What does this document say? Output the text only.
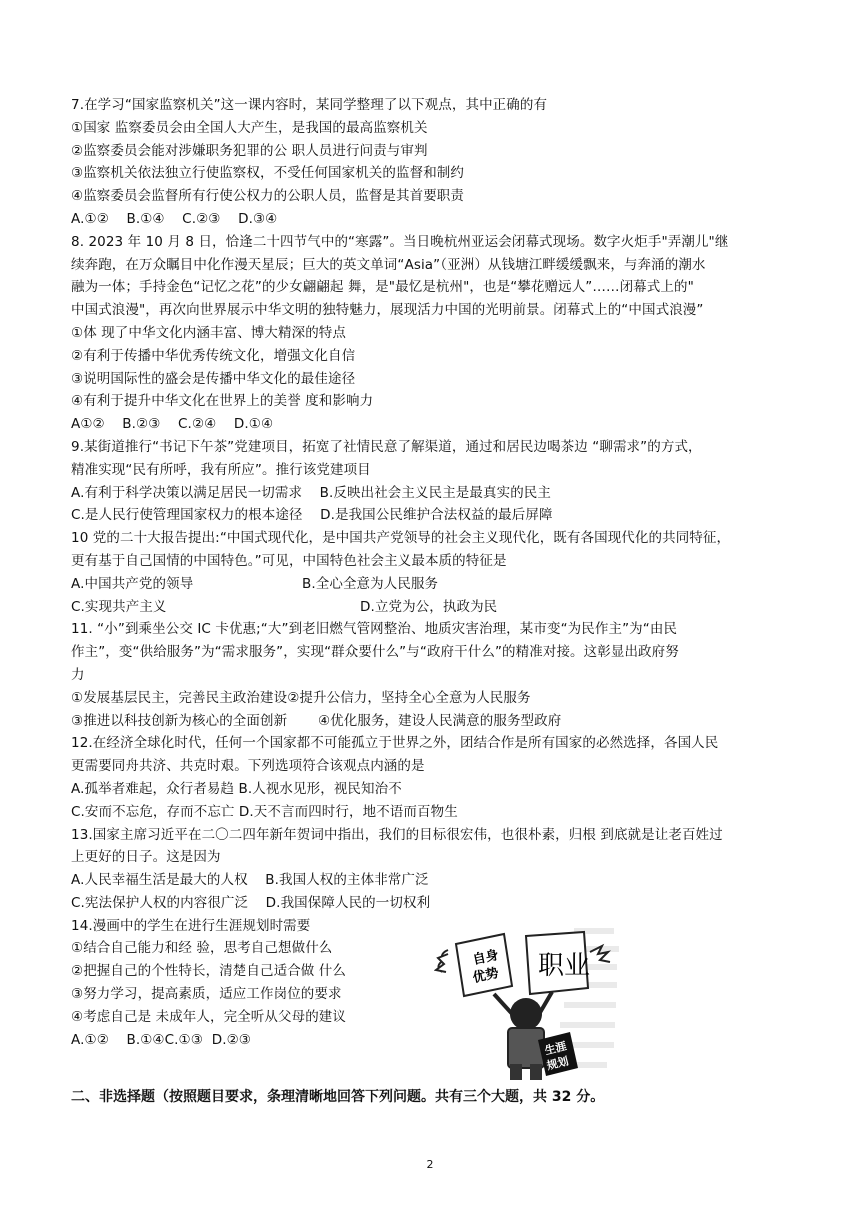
7.在学习“国家监察机关”这一课内容时，某同学整理了以下观点，其中正确的有
①国家 监察委员会由全国人大产生，是我国的最高监察机关
②监察委员会能对涉嫌职务犯罪的公 职人员进行问责与审判
③监察机关依法独立行使监察权，不受任何国家机关的监督和制约
④监察委员会监督所有行使公权力的公职人员，监督是其首要职责
A.①②    B.①④    C.②③    D.③④
8. 2023 年 10 月 8 日，恰逢二十四节气中的“寒露”。当日晚杭州亚运会闭幕式现场。数字火炬手"弄潮儿"继
续奔跑，在万众瞩目中化作漫天星辰；巨大的英文单词“Asia”（亚洲）从钱塘江畔缓缓飘来，与奔涌的潮水
融为一体；手持金色“记忆之花”的少女翩翩起 舞，是"最忆是杭州"，也是“攀花赠远人”……闭幕式上的"
中国式浪漫"，再次向世界展示中华文明的独特魅力，展现活力中国的光明前景。闭幕式上的“中国式浪漫”
①体 现了中华文化内涵丰富、博大精深的特点
②有利于传播中华优秀传统文化，增强文化自信
③说明国际性的盛会是传播中华文化的最佳途径
④有利于提升中华文化在世界上的美誉 度和影响力
A①②    B.②③    C.②④    D.①④
9.某街道推行“书记下午茶”党建项目，拓宽了社情民意了解渠道，通过和居民边喝茶边 “聊需求”的方式，
精准实现“民有所呼，我有所应”。推行该党建项目
A.有利于科学决策以满足居民一切需求    B.反映出社会主义民主是最真实的民主
C.是人民行使管理国家权力的根本途径    D.是我国公民维护合法权益的最后屏障
10 党的二十大报告提出:“中国式现代化，是中国共产党领导的社会主义现代化，既有各国现代化的共同特征，
更有基于自己国情的中国特色。”可见，中国特色社会主义最本质的特征是
A.中国共产党的领导	B.全心全意为人民服务
C.实现共产主义	D.立党为公，执政为民
11. “小”到乘坐公交 IC 卡优惠;“大”到老旧燃气管网整治、地质灾害治理，某市变“为民作主”为“由民
作主”，变“供给服务”为“需求服务”，实现“群众要什么”与“政府干什么”的精准对接。这彰显出政府努
力
①发展基层民主，完善民主政治建设②提升公信力，坚持全心全意为人民服务
③推进以科技创新为核心的全面创新       ④优化服务，建设人民满意的服务型政府
12.在经济全球化时代，任何一个国家都不可能孤立于世界之外，团结合作是所有国家的必然选择，各国人民
更需要同舟共济、共克时艰。下列选项符合该观点内涵的是
A.孤举者难起，众行者易趋 B.人视水见形，视民知治不
C.安而不忘危，存而不忘亡 D.天不言而四时行，地不语而百物生
13.国家主席习近平在二〇二四年新年贺词中指出，我们的目标很宏伟，也很朴素，归根 到底就是让老百姓过
上更好的日子。这是因为
A.人民幸福生活是最大的人权    B.我国人权的主体非常广泛
C.宪法保护人权的内容很广泛    D.我国保障人民的一切权利
14.漫画中的学生在进行生涯规划时需要
①结合自己能力和经 验，思考自己想做什么
②把握自己的个性特长，清楚自己适合做 什么
③努力学习，提高素质，适应工作岗位的要求
④考虑自己是 未成年人，完全听从父母的建议
A.①②    B.①④C.①③  D.②③
自身
优势 职业
生涯
规划
二、非选择题（按照题目要求，条理清晰地回答下列问题。共有三个大题，共 32 分。
2
